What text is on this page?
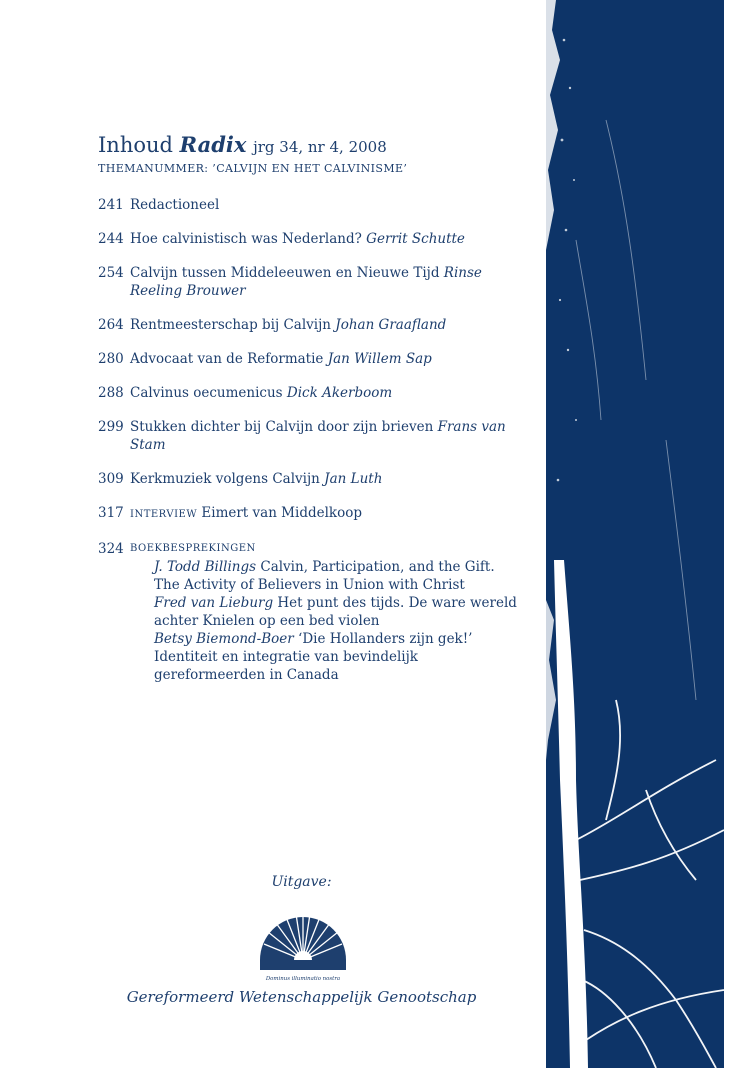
Inhoud Radix jrg 34, nr 4, 2008
THEMANUMMER: ’CALVIJN EN HET CALVINISME’
241 Redactioneel
244 Hoe calvinistisch was Nederland? Gerrit Schutte
254 Calvijn tussen Middeleeuwen en Nieuwe Tijd Rinse Reeling Brouwer
264 Rentmeesterschap bij Calvijn Johan Graafland
280 Advocaat van de Reformatie Jan Willem Sap
288 Calvinus oecumenicus Dick Akerboom
299 Stukken dichter bij Calvijn door zijn brieven Frans van Stam
309 Kerkmuziek volgens Calvijn Jan Luth
317 INTERVIEW Eimert van Middelkoop
324 BOEKBESPREKINGEN
J. Todd Billings Calvin, Participation, and the Gift. The Activity of Believers in Union with Christ
Fred van Lieburg Het punt des tijds. De ware wereld achter Knielen op een bed violen
Betsy Biemond-Boer ‘Die Hollanders zijn gek!’ Identiteit en integratie van bevindelijk gereformeerden in Canada
Uitgave:
Dominus illuminatio nostra
Gereformeerd Wetenschappelijk Genootschap
